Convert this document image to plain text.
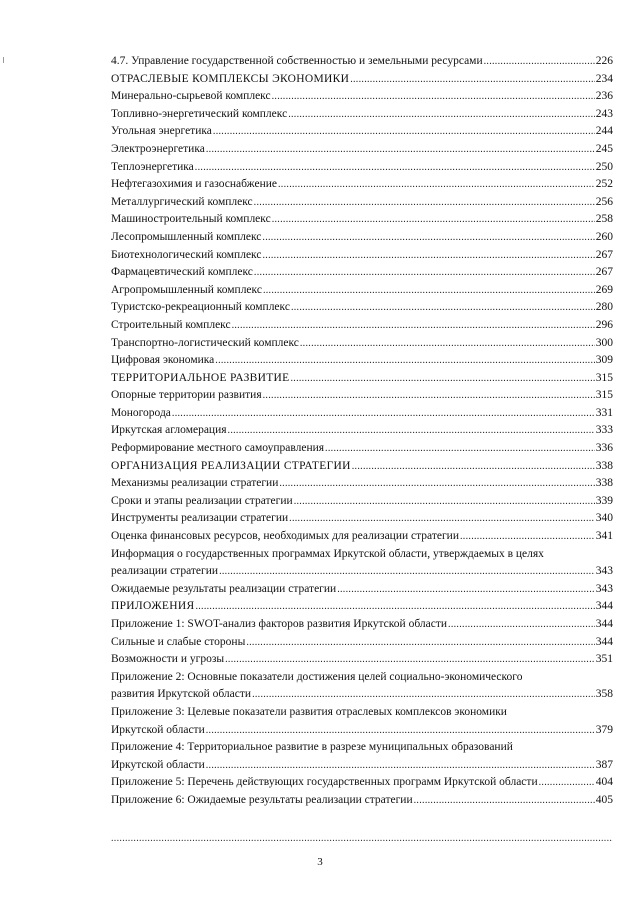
4.7. Управление государственной собственностью и земельными ресурсами .....	226
ОТРАСЛЕВЫЕ КОМПЛЕКСЫ ЭКОНОМИКИ .....	234
Минерально-сырьевой комплекс .....	236
Топливно-энергетический комплекс .....	243
Угольная энергетика .....	244
Электроэнергетика .....	245
Теплоэнергетика .....	250
Нефтегазохимия и газоснабжение .....	252
Металлургический комплекс .....	256
Машиностроительный комплекс .....	258
Лесопромышленный комплекс .....	260
Биотехнологический комплекс .....	267
Фармацевтический комплекс .....	267
Агропромышленный комплекс .....	269
Туристско-рекреационный комплекс .....	280
Строительный комплекс .....	296
Транспортно-логистический комплекс .....	300
Цифровая экономика .....	309
ТЕРРИТОРИАЛЬНОЕ РАЗВИТИЕ .....	315
Опорные территории развития .....	315
Моногорода .....	331
Иркутская агломерация .....	333
Реформирование местного самоуправления .....	336
ОРГАНИЗАЦИЯ РЕАЛИЗАЦИИ СТРАТЕГИИ .....	338
Механизмы реализации стратегии .....	338
Сроки и этапы реализации стратегии .....	339
Инструменты реализации стратегии .....	340
Оценка финансовых ресурсов, необходимых для реализации стратегии .....	341
Информация о государственных программах Иркутской области, утверждаемых в целях
реализации стратегии .....	343
Ожидаемые результаты реализации стратегии .....	343
ПРИЛОЖЕНИЯ .....	344
Приложение 1: SWOT-анализ факторов развития Иркутской области .....	344
Сильные и слабые стороны .....	344
Возможности и угрозы .....	351
Приложение 2: Основные показатели достижения целей социально-экономического
развития Иркутской области .....	358
Приложение 3: Целевые показатели развития отраслевых комплексов экономики
Иркутской области .....	379
Приложение 4: Территориальное развитие в разрезе муниципальных образований
Иркутской области .....	387
Приложение 5: Перечень действующих государственных программ Иркутской области .....	404
Приложение 6: Ожидаемые результаты реализации стратегии .....	405
.....
3
